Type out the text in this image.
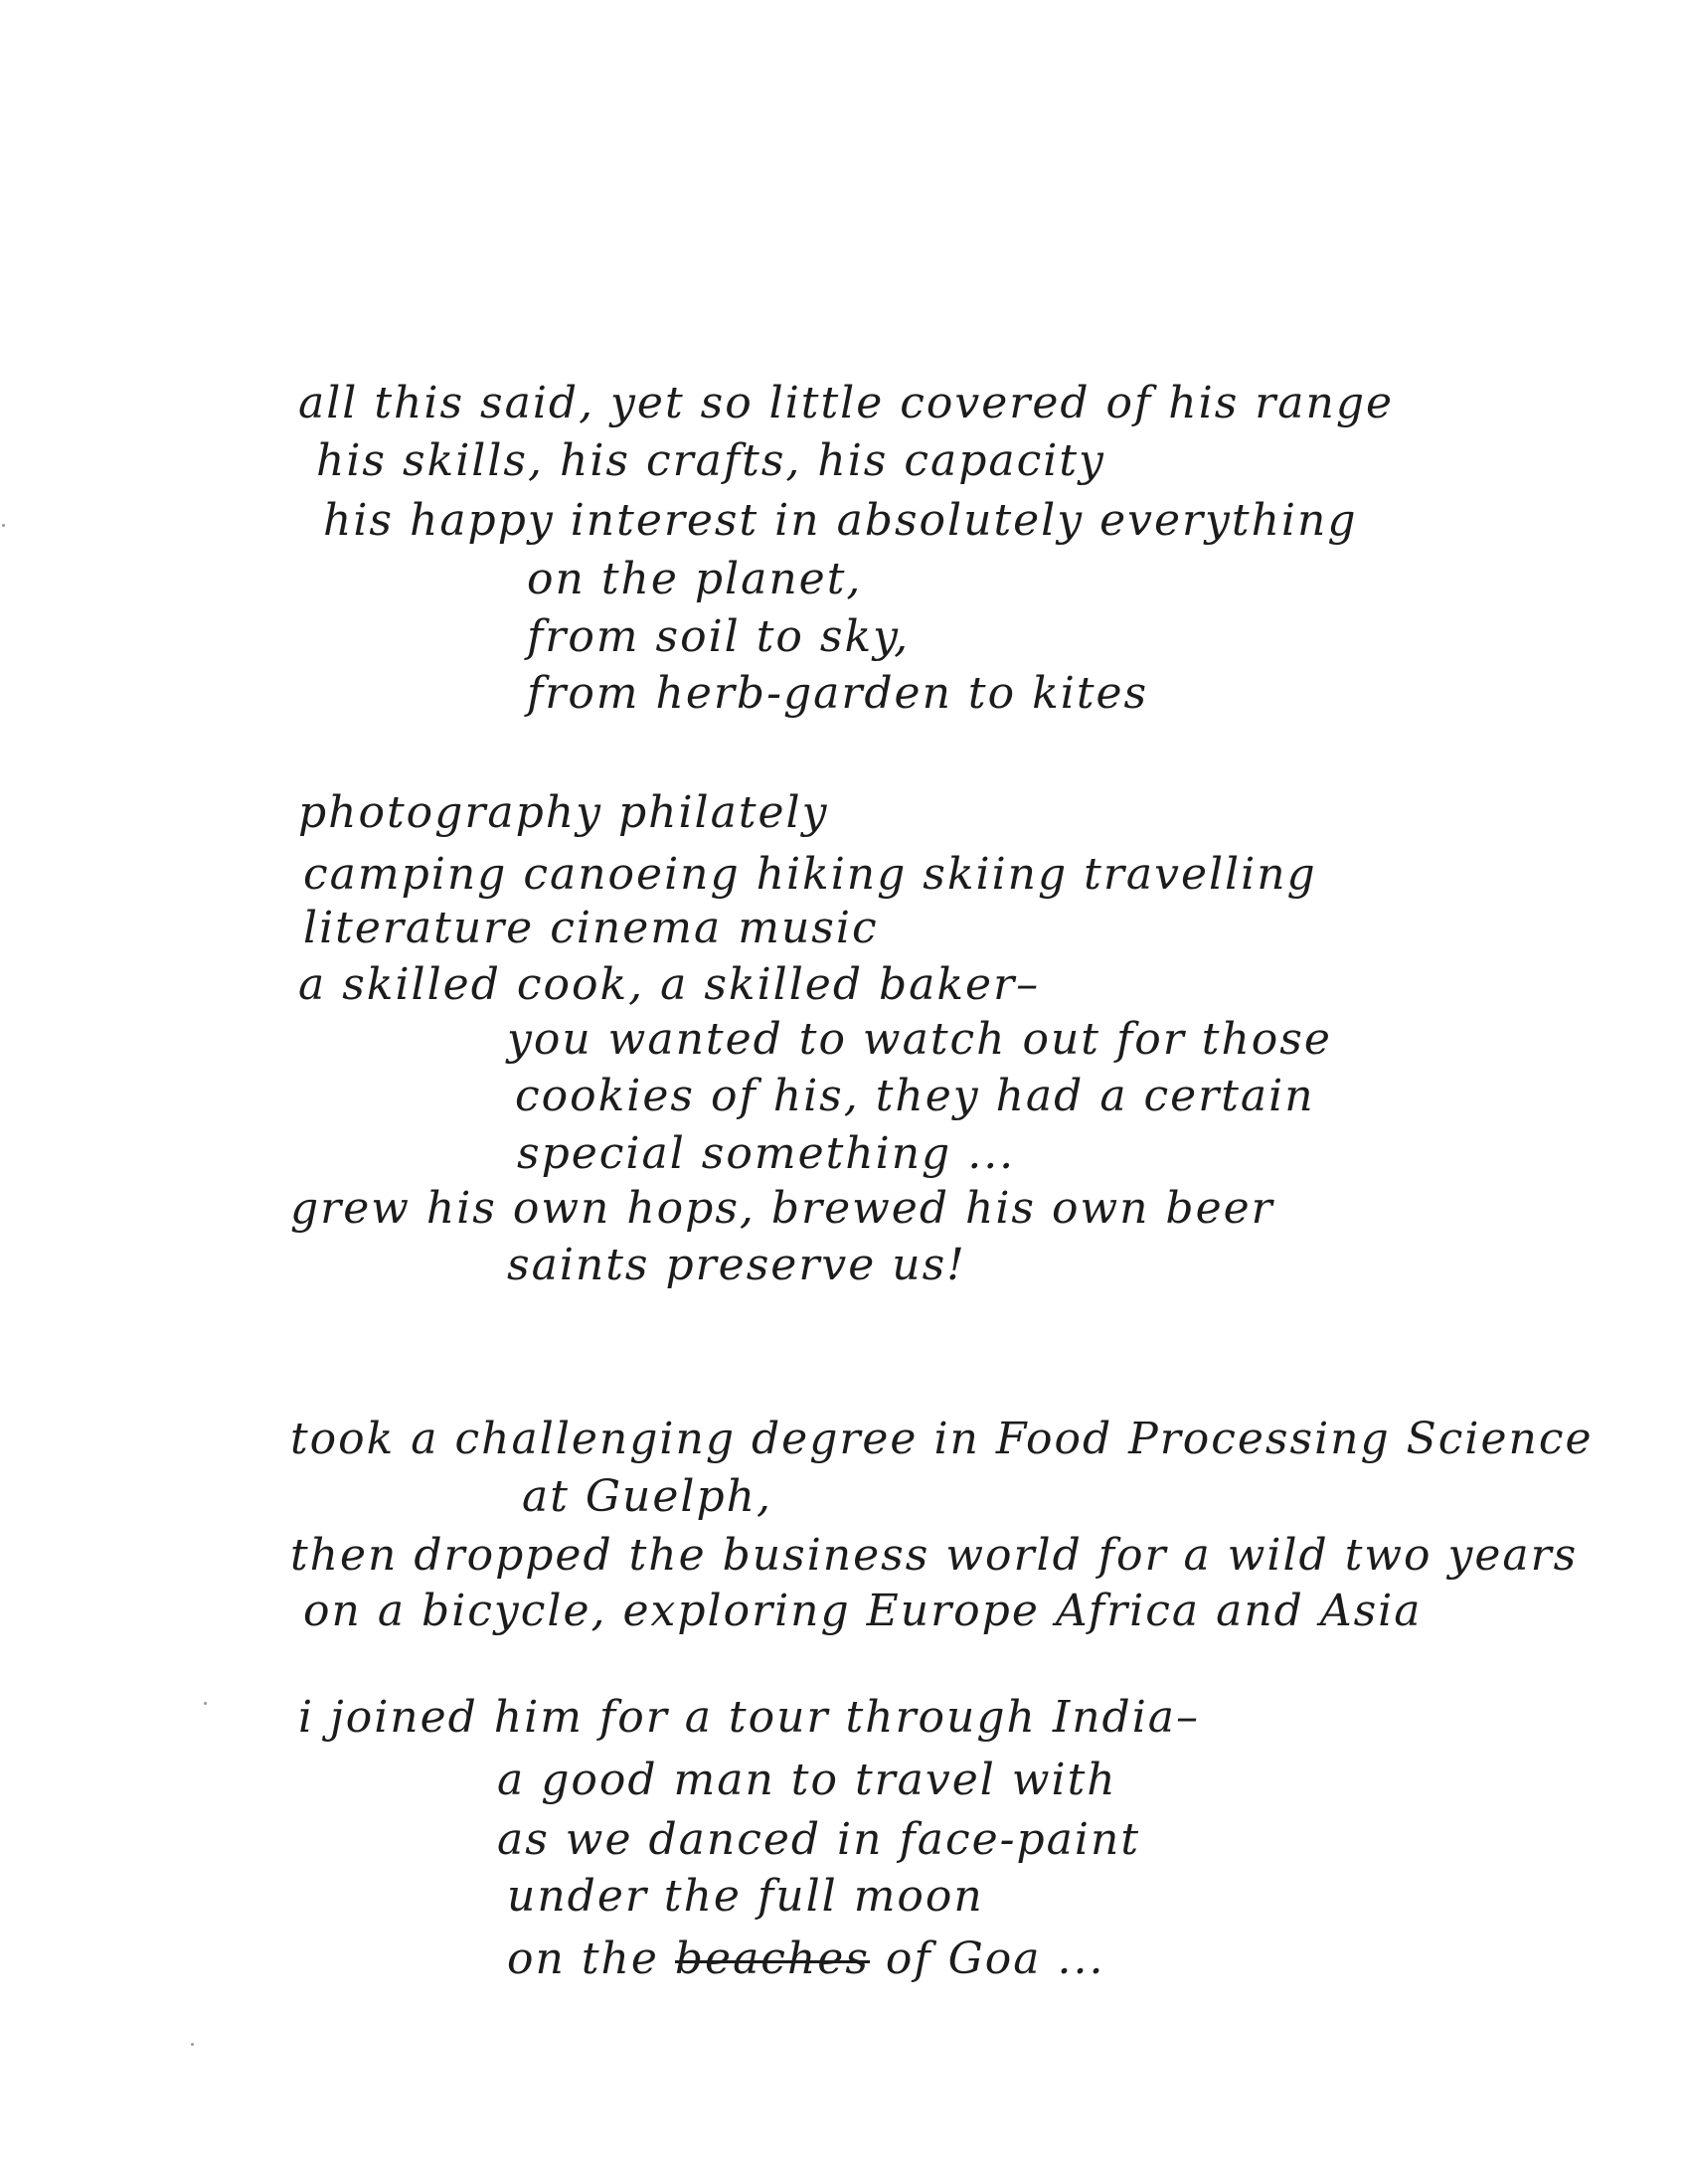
all this said, yet so little covered of his range
his skills, his crafts, his capacity
his happy interest in absolutely everything
on the planet,
from soil to sky,
from herb-garden to kites
photography philately
camping canoeing hiking skiing travelling
literature cinema music
a skilled cook, a skilled baker–
you wanted to watch out for those
cookies of his, they had a certain
special something ...
grew his own hops, brewed his own beer
saints preserve us!
took a challenging degree in Food Processing Science
at Guelph,
then dropped the business world for a wild two years
on a bicycle, exploring Europe Africa and Asia
i joined him for a tour through India–
a good man to travel with
as we danced in face-paint
under the full moon
on the beaches of Goa ...
